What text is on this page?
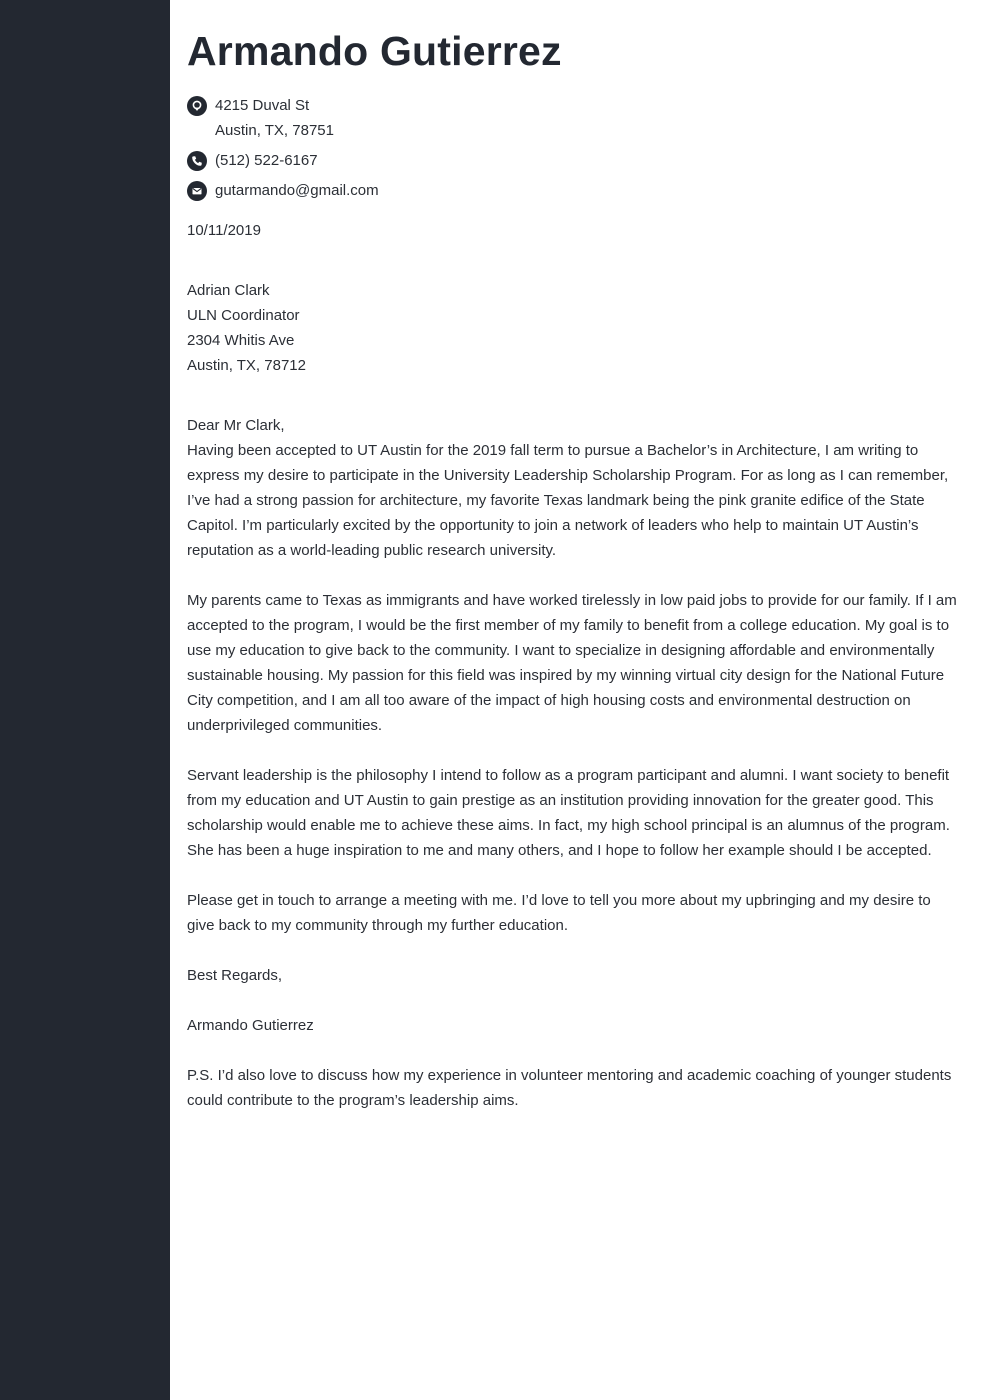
Armando Gutierrez
4215 Duval St
Austin, TX, 78751
(512) 522-6167
gutarmando@gmail.com
10/11/2019
Adrian Clark
ULN Coordinator
2304 Whitis Ave
Austin, TX, 78712

Dear Mr Clark,

Having been accepted to UT Austin for the 2019 fall term to pursue a Bachelor’s in Architecture, I am writing to express my desire to participate in the University Leadership Scholarship Program. For as long as I can remember, I’ve had a strong passion for architecture, my favorite Texas landmark being the pink granite edifice of the State Capitol. I’m particularly excited by the opportunity to join a network of leaders who help to maintain UT Austin’s reputation as a world-leading public research university.

My parents came to Texas as immigrants and have worked tirelessly in low paid jobs to provide for our family. If I am accepted to the program, I would be the first member of my family to benefit from a college education. My goal is to use my education to give back to the community. I want to specialize in designing affordable and environmentally sustainable housing. My passion for this field was inspired by my winning virtual city design for the National Future City competition, and I am all too aware of the impact of high housing costs and environmental destruction on underprivileged communities.

Servant leadership is the philosophy I intend to follow as a program participant and alumni. I want society to benefit from my education and UT Austin to gain prestige as an institution providing innovation for the greater good. This scholarship would enable me to achieve these aims. In fact, my high school principal is an alumnus of the program. She has been a huge inspiration to me and many others, and I hope to follow her example should I be accepted.

Please get in touch to arrange a meeting with me. I’d love to tell you more about my upbringing and my desire to give back to my community through my further education.

Best Regards,

Armando Gutierrez

P.S. I’d also love to discuss how my experience in volunteer mentoring and academic coaching of younger students could contribute to the program’s leadership aims.
